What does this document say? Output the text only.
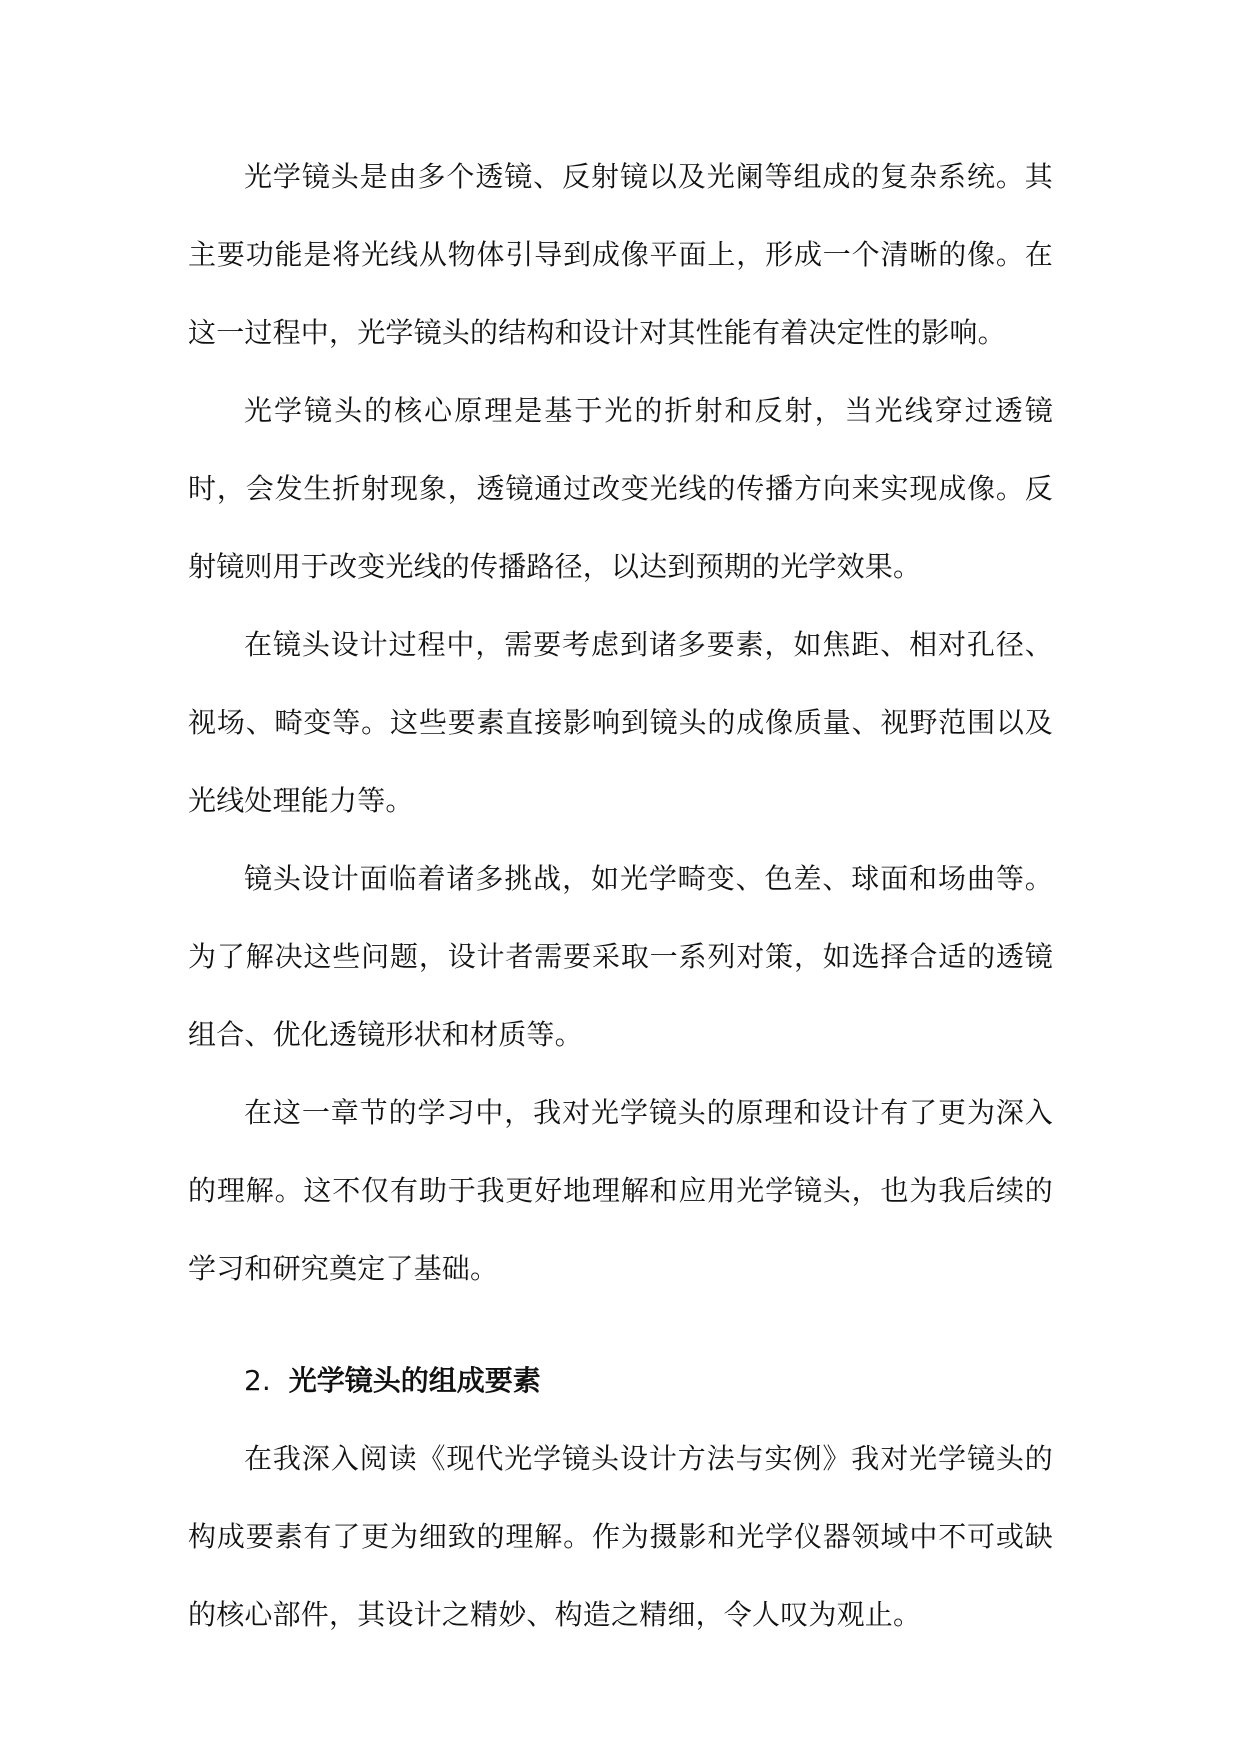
光学镜头是由多个透镜、反射镜以及光阑等组成的复杂系统。其主要功能是将光线从物体引导到成像平面上，形成一个清晰的像。在这一过程中，光学镜头的结构和设计对其性能有着决定性的影响。

光学镜头的核心原理是基于光的折射和反射，当光线穿过透镜时，会发生折射现象，透镜通过改变光线的传播方向来实现成像。反射镜则用于改变光线的传播路径，以达到预期的光学效果。

在镜头设计过程中，需要考虑到诸多要素，如焦距、相对孔径、视场、畸变等。这些要素直接影响到镜头的成像质量、视野范围以及光线处理能力等。

镜头设计面临着诸多挑战，如光学畸变、色差、球面和场曲等。为了解决这些问题，设计者需要采取一系列对策，如选择合适的透镜组合、优化透镜形状和材质等。

在这一章节的学习中，我对光学镜头的原理和设计有了更为深入的理解。这不仅有助于我更好地理解和应用光学镜头，也为我后续的学习和研究奠定了基础。

2. 光学镜头的组成要素

在我深入阅读《现代光学镜头设计方法与实例》我对光学镜头的构成要素有了更为细致的理解。作为摄影和光学仪器领域中不可或缺的核心部件，其设计之精妙、构造之精细，令人叹为观止。
